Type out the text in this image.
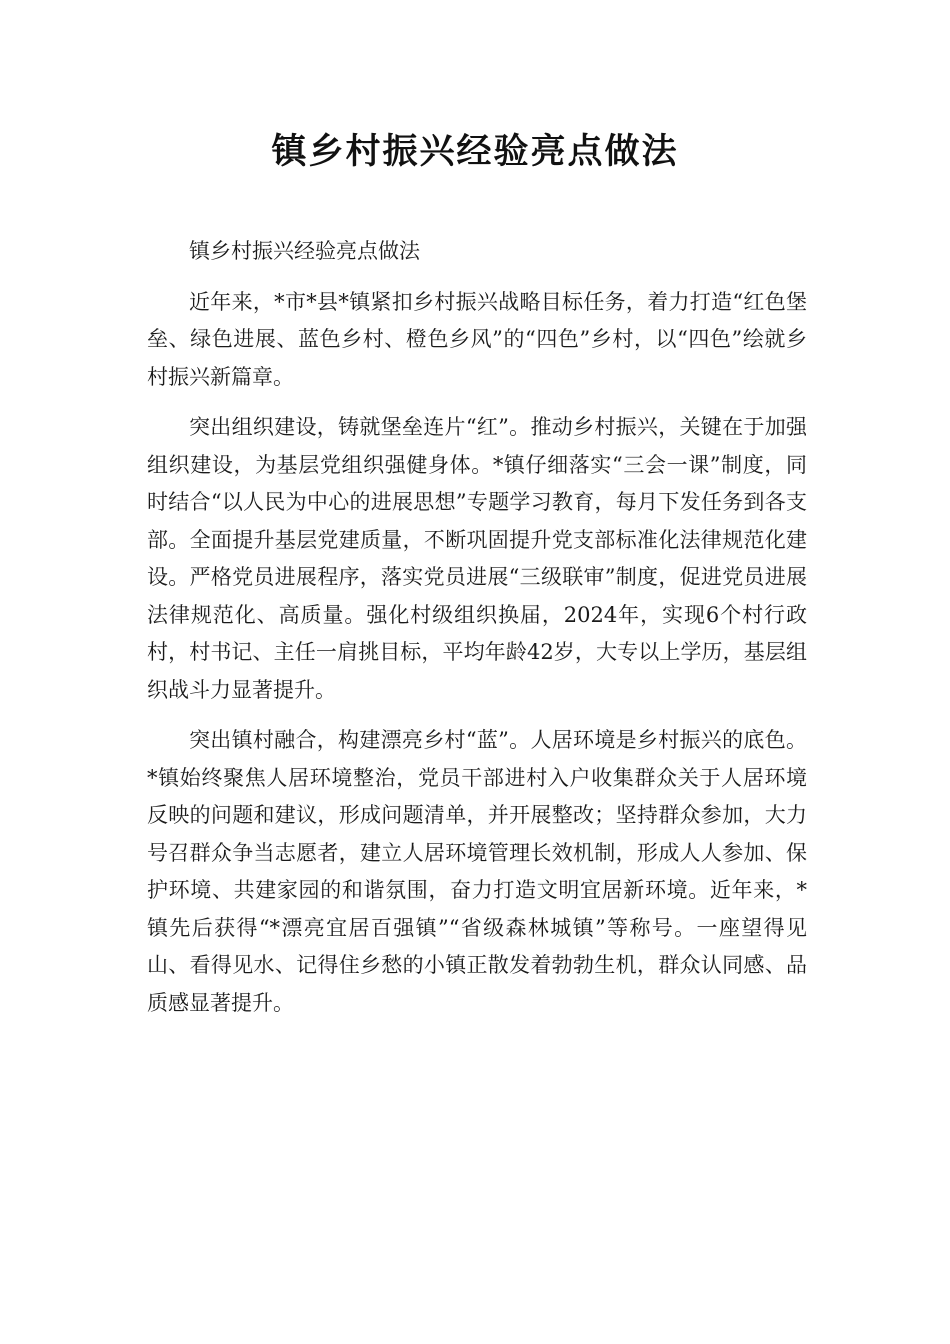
镇乡村振兴经验亮点做法

镇乡村振兴经验亮点做法

近年来，*市*县*镇紧扣乡村振兴战略目标任务，着力打造“红色堡垒、绿色进展、蓝色乡村、橙色乡风”的“四色”乡村，以“四色”绘就乡村振兴新篇章。

突出组织建设，铸就堡垒连片“红”。推动乡村振兴，关键在于加强组织建设，为基层党组织强健身体。*镇仔细落实“三会一课”制度，同时结合“以人民为中心的进展思想”专题学习教育，每月下发任务到各支部。全面提升基层党建质量，不断巩固提升党支部标准化法律规范化建设。严格党员进展程序，落实党员进展“三级联审”制度，促进党员进展法律规范化、高质量。强化村级组织换届，2024年，实现6个村行政村，村书记、主任一肩挑目标，平均年龄42岁，大专以上学历，基层组织战斗力显著提升。

突出镇村融合，构建漂亮乡村“蓝”。人居环境是乡村振兴的底色。*镇始终聚焦人居环境整治，党员干部进村入户收集群众关于人居环境反映的问题和建议，形成问题清单，并开展整改；坚持群众参加，大力号召群众争当志愿者，建立人居环境管理长效机制，形成人人参加、保护环境、共建家园的和谐氛围，奋力打造文明宜居新环境。近年来，*镇先后获得“*漂亮宜居百强镇”“省级森林城镇”等称号。一座望得见山、看得见水、记得住乡愁的小镇正散发着勃勃生机，群众认同感、品质感显著提升。
